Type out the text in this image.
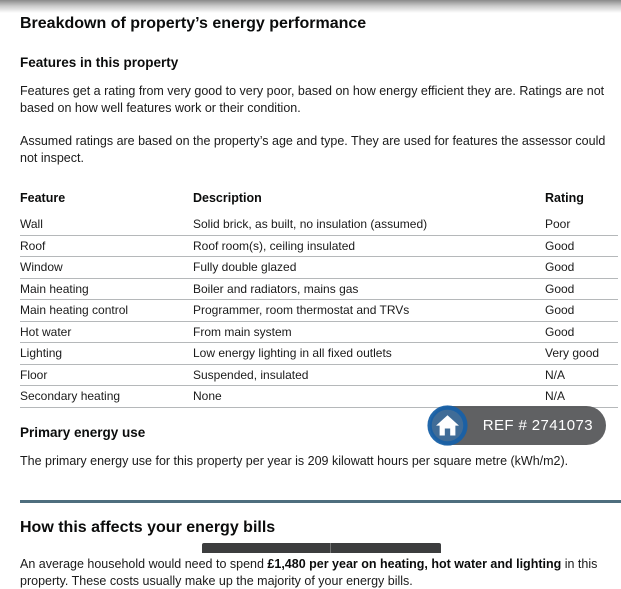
Breakdown of property’s energy performance
Features in this property

Features get a rating from very good to very poor, based on how energy efficient they are. Ratings are not based on how well features work or their condition.

Assumed ratings are based on the property’s age and type. They are used for features the assessor could not inspect.

Feature	Description	Rating
Wall	Solid brick, as built, no insulation (assumed)	Poor
Roof	Roof room(s), ceiling insulated	Good
Window	Fully double glazed	Good
Main heating	Boiler and radiators, mains gas	Good
Main heating control	Programmer, room thermostat and TRVs	Good
Hot water	From main system	Good
Lighting	Low energy lighting in all fixed outlets	Very good
Floor	Suspended, insulated	N/A
Secondary heating	None	N/A
Primary energy use

The primary energy use for this property per year is 209 kilowatt hours per square metre (kWh/m2).

How this affects your energy bills

An average household would need to spend £1,480 per year on heating, hot water and lighting in this property. These costs usually make up the majority of your energy bills.

REF # 2741073
